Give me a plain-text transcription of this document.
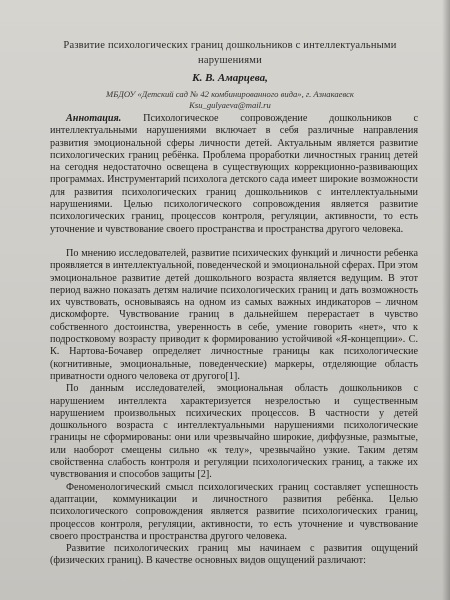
Развитие психологических границ дошкольников с интеллектуальными нарушениями

К. В. Амарцева,

МБДОУ «Детский сад № 42 комбинированного вида», г. Азнакаевск
Ksu_gulyaeva@mail.ru

Аннотация. Психологическое сопровождение дошкольников с интеллектуальными нарушениями включает в себя различные направления развития эмоциональной сферы личности детей. Актуальным является развитие психологических границ ребёнка. Проблема проработки личностных границ детей на сегодня недостаточно освещена в существующих коррекционно-развивающих программах. Инструментарий психолога детского сада имеет широкие возможности для развития психологических границ дошкольников с интеллектуальными нарушениями. Целью психологического сопровождения является развитие психологических границ, процессов контроля, регуляции, активности, то есть уточнение и чувствование своего пространства и пространства другого человека.

По мнению исследователей, развитие психических функций и личности ребенка проявляется в интеллектуальной, поведенческой и эмоциональной сферах. При этом эмоциональное развитие детей дошкольного возраста является ведущим. В этот период важно показать детям наличие психологических границ и дать возможность их чувствовать, основываясь на одном из самых важных индикаторов – личном дискомфорте. Чувствование границ в дальнейшем перерастает в чувство собственного достоинства, уверенность в себе, умение говорить «нет», что к подростковому возрасту приводит к формированию устойчивой «Я-концепции». С. К. Нартова-Бочавер определяет личностные границы как психологические (когнитивные, эмоциональные, поведенческие) маркеры, отделяющие область приватности одного человека от другого[1].

По данным исследователей, эмоциональная область дошкольников с нарушением интеллекта характеризуется незрелостью и существенным нарушением произвольных психических процессов. В частности у детей дошкольного возраста с интеллектуальными нарушениями психологические границы не сформированы: они или чрезвычайно широкие, диффузные, размытые, или наоборот смещены сильно «к телу», чрезвычайно узкие. Таким детям свойственна слабость контроля и регуляции психологических границ, а также их чувствования и способов защиты [2].

Феноменологический смысл психологических границ составляет успешность адаптации, коммуникации и личностного развития ребёнка. Целью психологического сопровождения является развитие психологических границ, процессов контроля, регуляции, активности, то есть уточнение и чувствование своего пространства и пространства другого человека.

Развитие психологических границ мы начинаем с развития ощущений (физических границ). В качестве основных видов ощущений различают:
